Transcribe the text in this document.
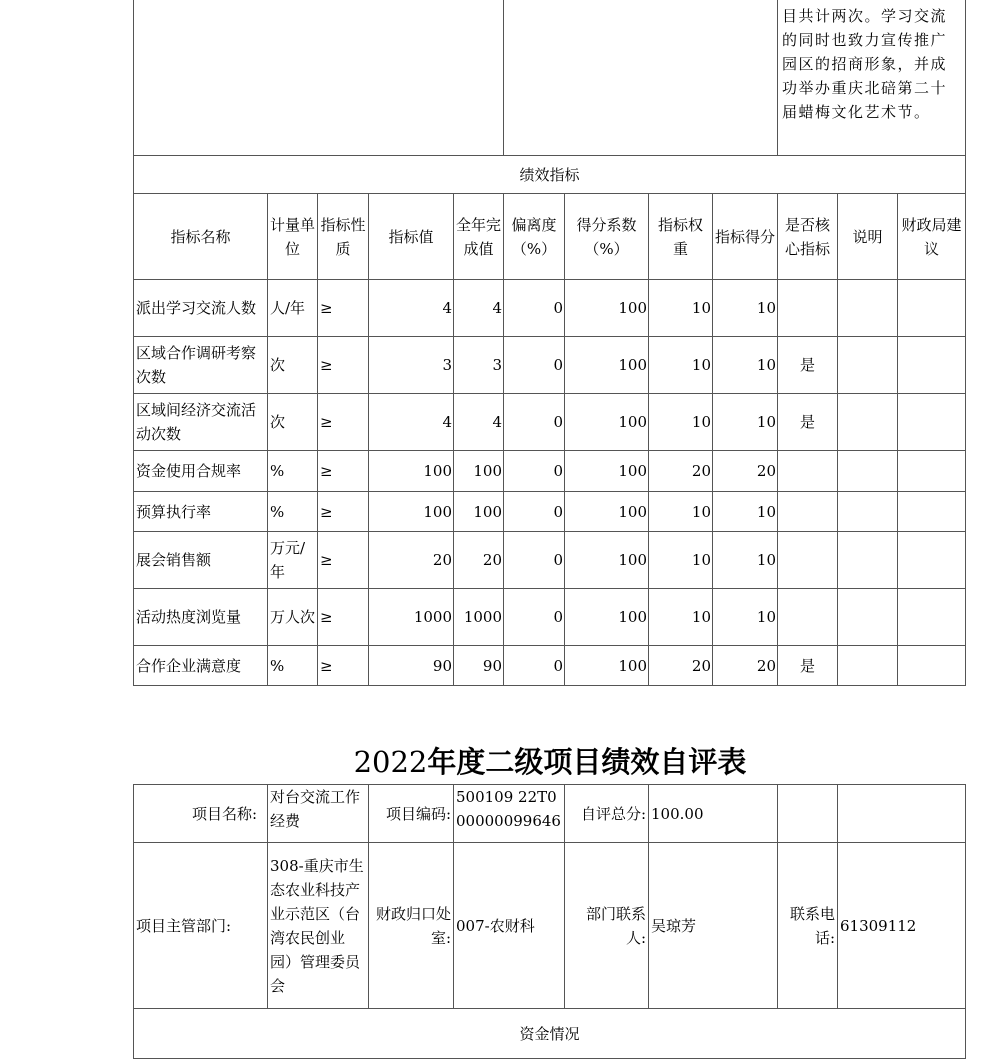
									目共计两次。学习交流的同时也致力宣传推广园区的招商形象，并成功举办重庆北碚第二十届蜡梅文化艺术节。		
绩效指标											
指标名称	计量单位	指标性质	指标值	全年完成值	偏离度（%）	得分系数（%）	指标权重	指标得分	是否核心指标	说明	财政局建议
派出学习交流人数	人/年	≥	4	4	0	100	10	10			
区域合作调研考察次数	次	≥	3	3	0	100	10	10	是		
区域间经济交流活动次数	次	≥	4	4	0	100	10	10	是		
资金使用合规率	%	≥	100	100	0	100	20	20			
预算执行率	%	≥	100	100	0	100	10	10			
展会销售额	万元/年	≥	20	20	0	100	10	10			
活动热度浏览量	万人次	≥	1000	1000	0	100	10	10			
合作企业满意度	%	≥	90	90	0	100	20	20	是		
2022年度二级项目绩效自评表
项目名称:	对台交流工作经费	项目编码:	500109 22T000000099646	自评总分:	100.00		
项目主管部门:	308-重庆市生态农业科技产业示范区（台湾农民创业园）管理委员会	财政归口处室:	007-农财科	部门联系人:	吴琼芳	联系电话:	61309112
资金情况							
